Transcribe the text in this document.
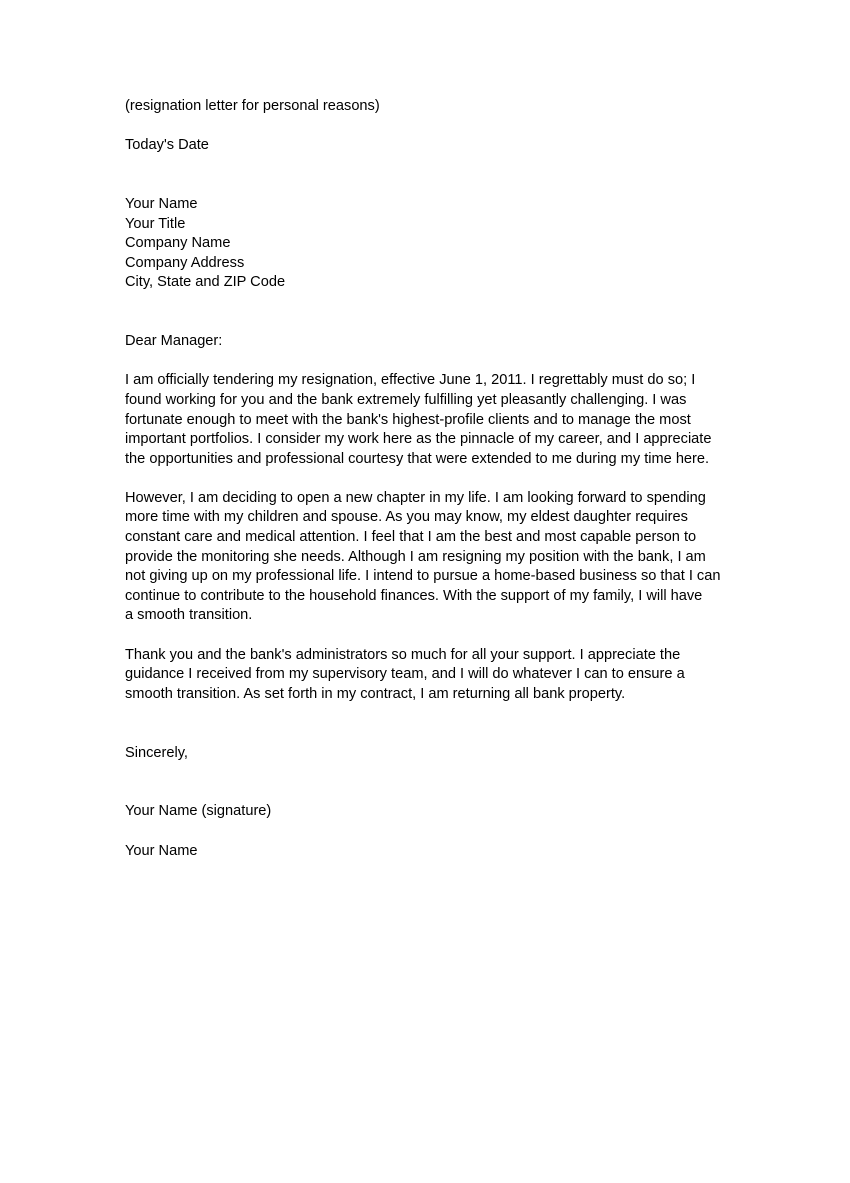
(resignation letter for personal reasons)
Today's Date
Your Name
Your Title
Company Name
Company Address
City, State and ZIP Code
Dear Manager:
I am officially tendering my resignation, effective June 1, 2011. I regrettably must do so; I
found working for you and the bank extremely fulfilling yet pleasantly challenging. I was
fortunate enough to meet with the bank's highest-profile clients and to manage the most
important portfolios. I consider my work here as the pinnacle of my career, and I appreciate
the opportunities and professional courtesy that were extended to me during my time here.
However, I am deciding to open a new chapter in my life. I am looking forward to spending
more time with my children and spouse. As you may know, my eldest daughter requires
constant care and medical attention. I feel that I am the best and most capable person to
provide the monitoring she needs. Although I am resigning my position with the bank, I am
not giving up on my professional life. I intend to pursue a home-based business so that I can
continue to contribute to the household finances. With the support of my family, I will have
a smooth transition.
Thank you and the bank's administrators so much for all your support. I appreciate the
guidance I received from my supervisory team, and I will do whatever I can to ensure a
smooth transition. As set forth in my contract, I am returning all bank property.
Sincerely,
Your Name (signature)
Your Name
